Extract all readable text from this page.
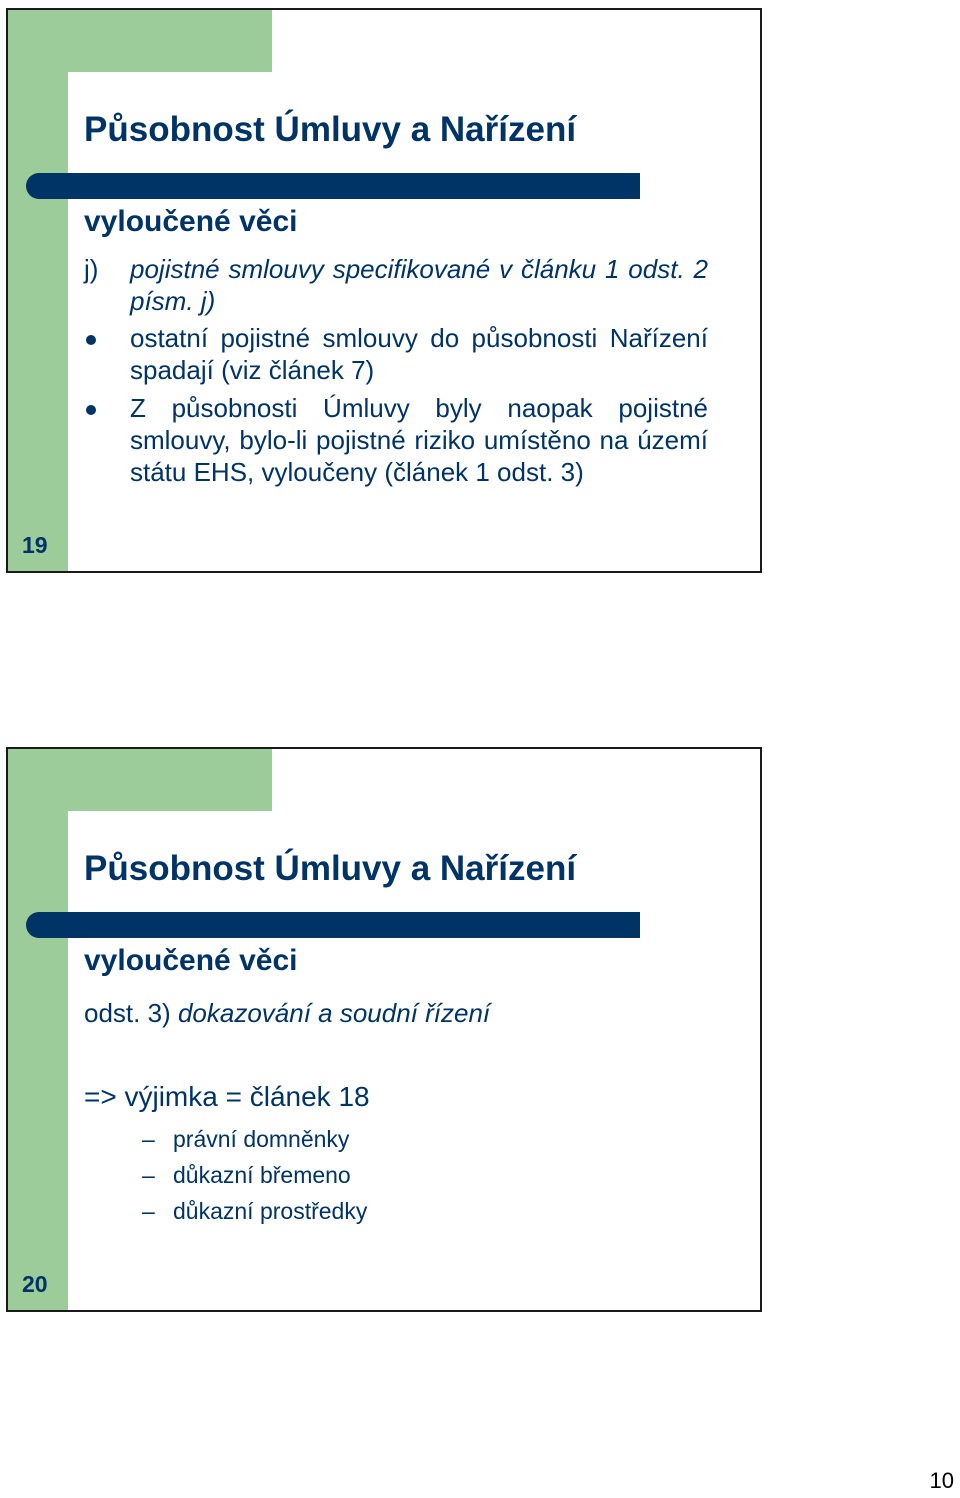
Působnost Úmluvy a Nařízení
vyloučené věci
j) pojistné smlouvy specifikované v článku 1 odst. 2 písm. j)
ostatní pojistné smlouvy do působnosti Nařízení spadají (viz článek 7)
Z působnosti Úmluvy byly naopak pojistné smlouvy, bylo-li pojistné riziko umístěno na území státu EHS, vyloučeny (článek 1 odst. 3)
19
Působnost Úmluvy a Nařízení
vyloučené věci
odst. 3) dokazování a soudní řízení
=> výjimka = článek 18
– právní domněnky
– důkazní břemeno
– důkazní prostředky
20
10
